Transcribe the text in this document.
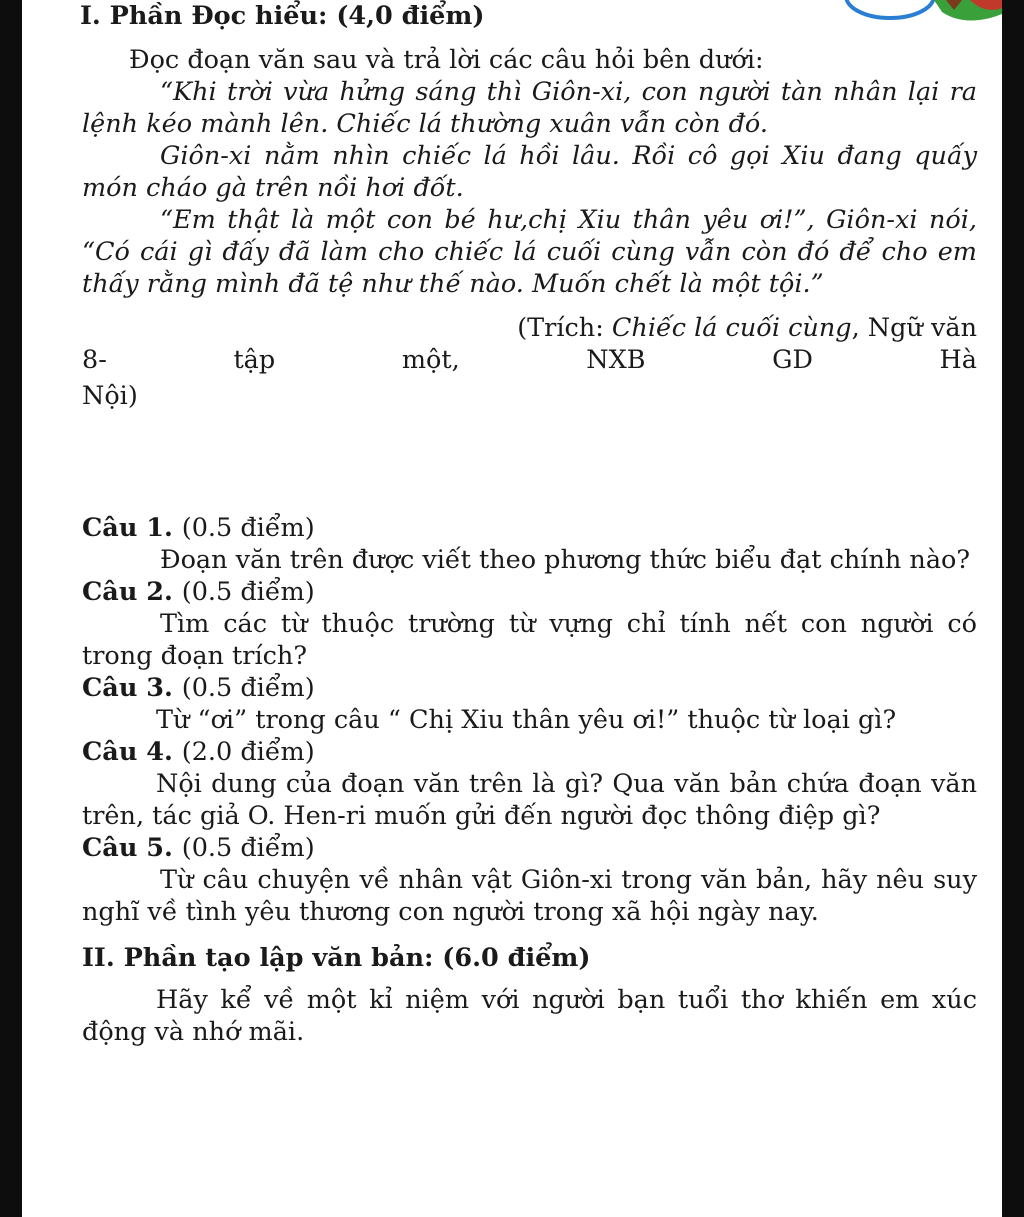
I. Phần Đọc hiểu: (4,0 điểm)

Đọc đoạn văn sau và trả lời các câu hỏi bên dưới:

“Khi trời vừa hửng sáng thì Giôn-xi, con người tàn nhân lại ra lệnh kéo mành lên. Chiếc lá thường xuân vẫn còn đó.

Giôn-xi nằm nhìn chiếc lá hồi lâu. Rồi cô gọi Xiu đang quấy món cháo gà trên nồi hơi đốt.

“Em thật là một con bé hư,chị Xiu thân yêu ơi!”, Giôn-xi nói, “Có cái gì đấy đã làm cho chiếc lá cuối cùng vẫn còn đó để cho em thấy rằng mình đã tệ như thế nào. Muốn chết là một tội.”

(Trích: Chiếc lá cuối cùng, Ngữ văn

8-	tập	một,	NXB	GD	Hà

Nội)

Câu 1. (0.5 điểm)

Đoạn văn trên được viết theo phương thức biểu đạt chính nào?

Câu 2. (0.5 điểm)

Tìm các từ thuộc trường từ vựng chỉ tính nết con người có trong đoạn trích?

Câu 3. (0.5 điểm)

Từ “ơi” trong câu “ Chị Xiu thân yêu ơi!” thuộc từ loại gì?

Câu 4. (2.0 điểm)

Nội dung của đoạn văn trên là gì? Qua văn bản chứa đoạn văn trên, tác giả O. Hen-ri muốn gửi đến người đọc thông điệp gì?

Câu 5. (0.5 điểm)

Từ câu chuyện về nhân vật Giôn-xi trong văn bản, hãy nêu suy nghĩ về tình yêu thương con người trong xã hội ngày nay.

II. Phần tạo lập văn bản: (6.0 điểm)

Hãy kể về một kỉ niệm với người bạn tuổi thơ khiến em xúc động và nhớ mãi.
